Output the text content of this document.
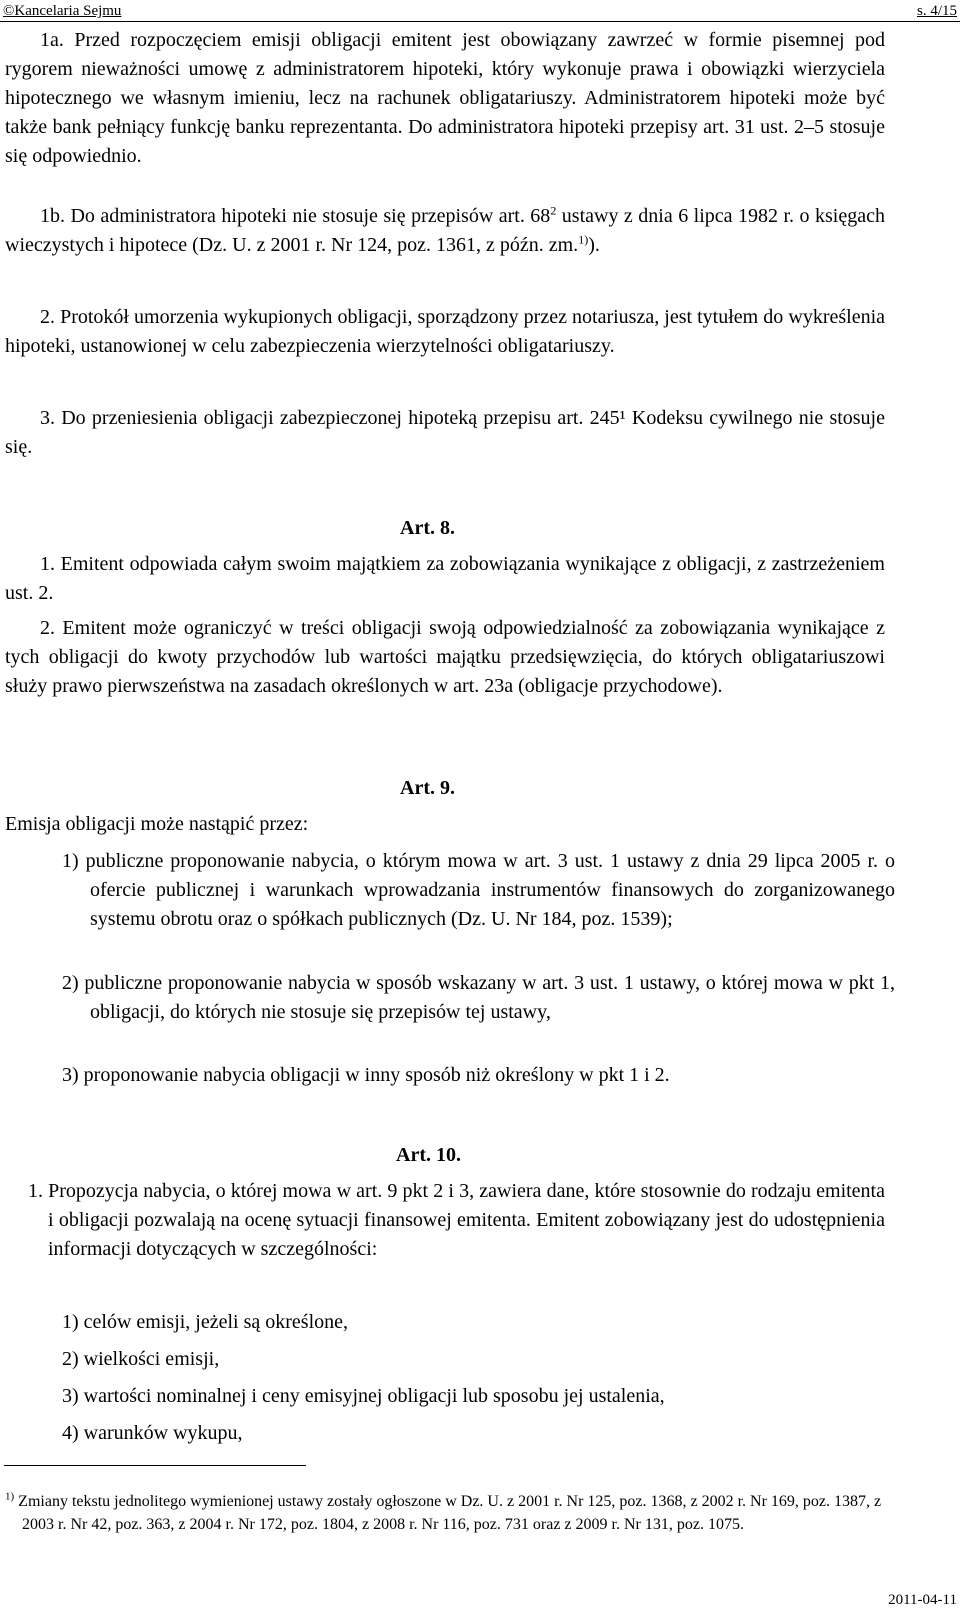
©Kancelaria Sejmu	s. 4/15
1a. Przed rozpoczęciem emisji obligacji emitent jest obowiązany zawrzeć w formie pisemnej pod rygorem nieważności umowę z administratorem hipoteki, który wykonuje prawa i obowiązki wierzyciela hipotecznego we własnym imieniu, lecz na rachunek obligatariuszy. Administratorem hipoteki może być także bank pełniący funkcję banku reprezentanta. Do administratora hipoteki przepisy art. 31 ust. 2–5 stosuje się odpowiednio.
1b. Do administratora hipoteki nie stosuje się przepisów art. $68^2$ ustawy z dnia 6 lipca 1982 r. o księgach wieczystych i hipotece (Dz. U. z 2001 r. Nr 124, poz. 1361, z późn. zm.$^{1)}$).
2. Protokół umorzenia wykupionych obligacji, sporządzony przez notariusza, jest tytułem do wykreślenia hipoteki, ustanowionej w celu zabezpieczenia wierzytelności obligatariuszy.
3. Do przeniesienia obligacji zabezpieczonej hipoteką przepisu art. 245¹ Kodeksu cywilnego nie stosuje się.
Art. 8.
1. Emitent odpowiada całym swoim majątkiem za zobowiązania wynikające z obligacji, z zastrzeżeniem ust. 2.
2. Emitent może ograniczyć w treści obligacji swoją odpowiedzialność za zobowiązania wynikające z tych obligacji do kwoty przychodów lub wartości majątku przedsięwzięcia, do których obligatariuszowi służy prawo pierwszeństwa na zasadach określonych w art. 23a (obligacje przychodowe).
Art. 9.
Emisja obligacji może nastąpić przez:
1) publiczne proponowanie nabycia, o którym mowa w art. 3 ust. 1 ustawy z dnia 29 lipca 2005 r. o ofercie publicznej i warunkach wprowadzania instrumentów finansowych do zorganizowanego systemu obrotu oraz o spółkach publicznych (Dz. U. Nr 184, poz. 1539);
2) publiczne proponowanie nabycia w sposób wskazany w art. 3 ust. 1 ustawy, o której mowa w pkt 1, obligacji, do których nie stosuje się przepisów tej ustawy,
3) proponowanie nabycia obligacji w inny sposób niż określony w pkt 1 i 2.
Art. 10.
1. Propozycja nabycia, o której mowa w art. 9 pkt 2 i 3, zawiera dane, które stosownie do rodzaju emitenta i obligacji pozwalają na ocenę sytuacji finansowej emitenta. Emitent zobowiązany jest do udostępnienia informacji dotyczących w szczególności:
1) celów emisji, jeżeli są określone,
2) wielkości emisji,
3) wartości nominalnej i ceny emisyjnej obligacji lub sposobu jej ustalenia,
4) warunków wykupu,
$^{1)}$ Zmiany tekstu jednolitego wymienionej ustawy zostały ogłoszone w Dz. U. z 2001 r. Nr 125, poz. 1368, z 2002 r. Nr 169, poz. 1387, z 2003 r. Nr 42, poz. 363, z 2004 r. Nr 172, poz. 1804, z 2008 r. Nr 116, poz. 731 oraz z 2009 r. Nr 131, poz. 1075.
2011-04-11
